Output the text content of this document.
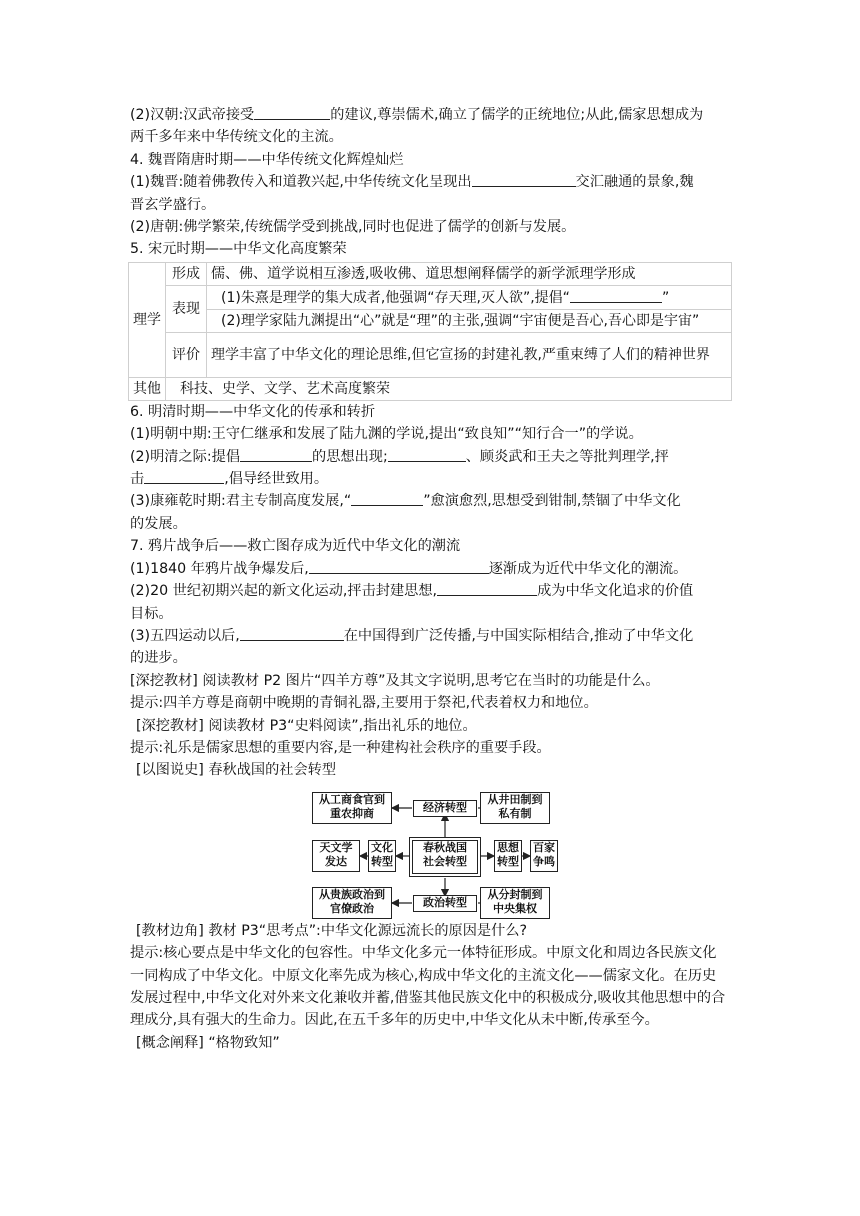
(2)汉朝:汉武帝接受	的建议,尊崇儒术,确立了儒学的正统地位;从此,儒家思想成为
两千多年来中华传统文化的主流。
4. 魏晋隋唐时期——中华传统文化辉煌灿烂
(1)魏晋:随着佛教传入和道教兴起,中华传统文化呈现出	交汇融通的景象,魏
晋玄学盛行。
(2)唐朝:佛学繁荣,传统儒学受到挑战,同时也促进了儒学的创新与发展。
5. 宋元时期——中华文化高度繁荣
理学	形成	儒、佛、道学说相互渗透,吸收佛、道思想阐释儒学的新学派理学形成
	表现	(1)朱熹是理学的集大成者,他强调“存天理,灭人欲”,提倡“ ”
		(2)理学家陆九渊提出“心”就是“理”的主张,强调“宇宙便是吾心,吾心即是宇宙”
	评价	理学丰富了中华文化的理论思维,但它宣扬的封建礼教,严重束缚了人们的精神世界
其他	科技、史学、文学、艺术高度繁荣	
6. 明清时期——中华文化的传承和转折
(1)明朝中期:王守仁继承和发展了陆九渊的学说,提出“致良知”“知行合一”的学说。
(2)明清之际:提倡	的思想出现;	、顾炎武和王夫之等批判理学,抨
击	,倡导经世致用。
(3)康雍乾时期:君主专制高度发展,“	”愈演愈烈,思想受到钳制,禁锢了中华文化
的发展。
7. 鸦片战争后——救亡图存成为近代中华文化的潮流
(1)1840 年鸦片战争爆发后,	逐渐成为近代中华文化的潮流。
(2)20 世纪初期兴起的新文化运动,抨击封建思想,	成为中华文化追求的价值
目标。
(3)五四运动以后,	在中国得到广泛传播,与中国实际相结合,推动了中华文化
的进步。
[深挖教材] 阅读教材 P2 图片“四羊方尊”及其文字说明,思考它在当时的功能是什么。
提示:四羊方尊是商朝中晚期的青铜礼器,主要用于祭祀,代表着权力和地位。
[深挖教材] 阅读教材 P3“史料阅读”,指出礼乐的地位。
提示:礼乐是儒家思想的重要内容,是一种建构社会秩序的重要手段。
[以图说史] 春秋战国的社会转型
从工商食官到
重农抑商	经济转型
从井田制到
私有制
天文学
发达
文化
转型
春秋战国
社会转型
思想
转型
百家
争鸣
从贵族政治到
官僚政治	政治转型
从分封制到
中央集权
[教材边角] 教材 P3“思考点”:中华文化源远流长的原因是什么?
提示:核心要点是中华文化的包容性。中华文化多元一体特征形成。中原文化和周边各民族文化一同构成了中华文化。中原文化率先成为核心,构成中华文化的主流文化——儒家文化。在历史发展过程中,中华文化对外来文化兼收并蓄,借鉴其他民族文化中的积极成分,吸收其他思想中的合理成分,具有强大的生命力。因此,在五千多年的历史中,中华文化从未中断,传承至今。
[概念阐释] “格物致知”
